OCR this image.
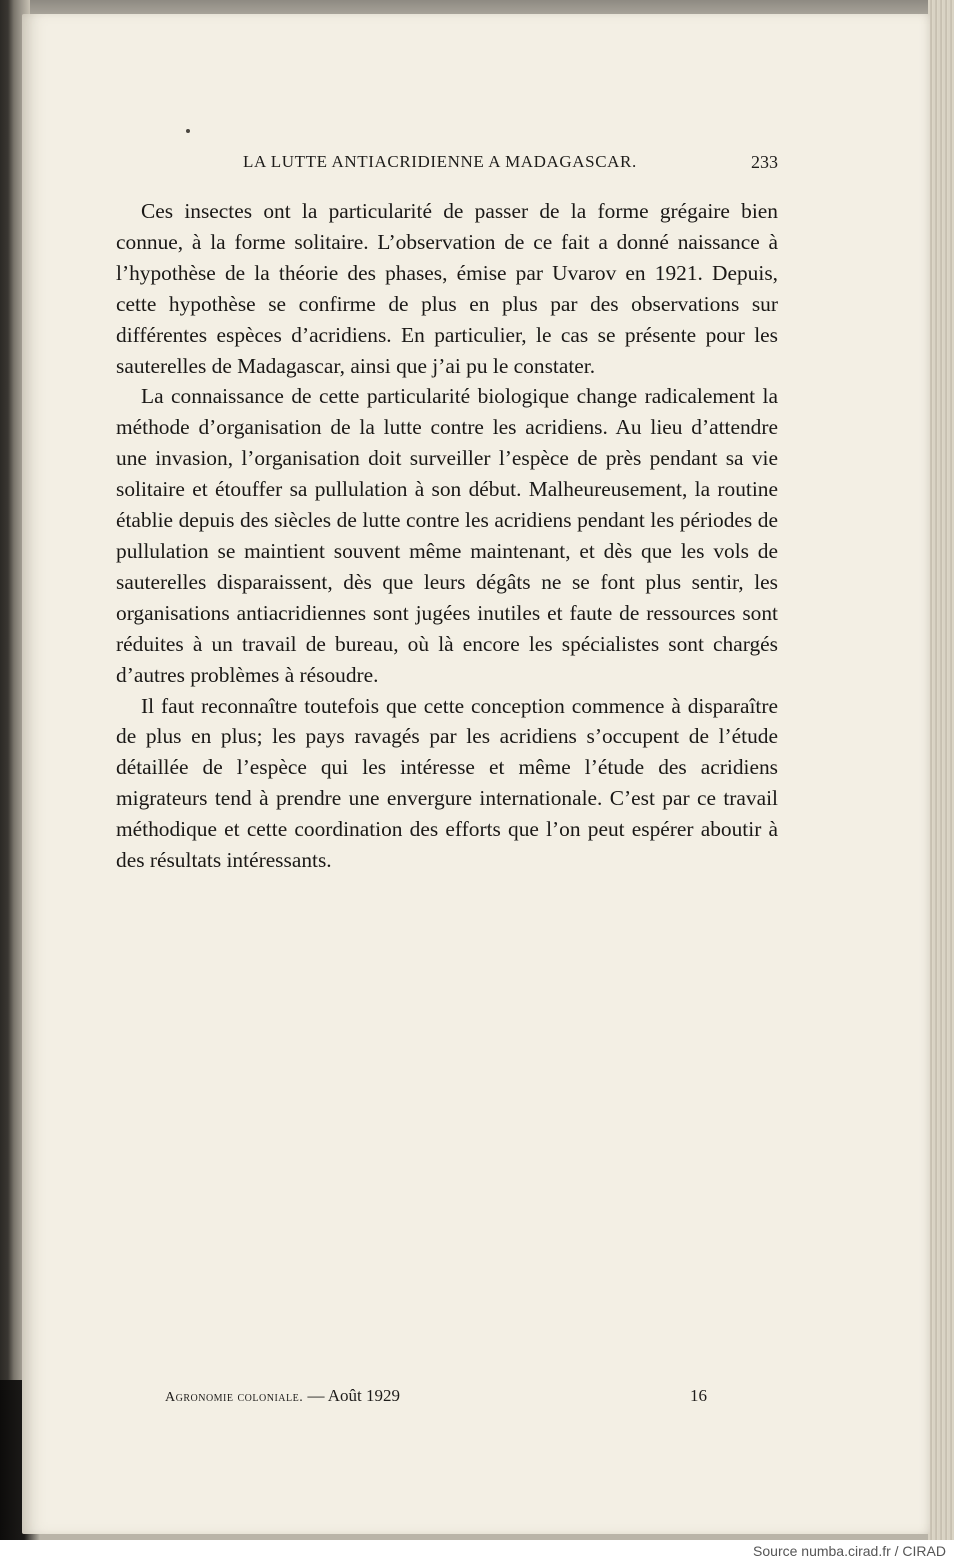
LA LUTTE ANTIACRIDIENNE A MADAGASCAR.	233

Ces insectes ont la particularité de passer de la forme grégaire bien connue, à la forme solitaire. L’observation de ce fait a donné naissance à l’hypothèse de la théorie des phases, émise par Uvarov en 1921. Depuis, cette hypothèse se confirme de plus en plus par des observations sur différentes espèces d’acridiens. En particulier, le cas se présente pour les sauterelles de Madagascar, ainsi que j’ai pu le constater.

La connaissance de cette particularité biologique change radicalement la méthode d’organisation de la lutte contre les acridiens. Au lieu d’attendre une invasion, l’organisation doit surveiller l’espèce de près pendant sa vie solitaire et étouffer sa pullulation à son début. Malheureusement, la routine établie depuis des siècles de lutte contre les acridiens pendant les périodes de pullulation se maintient souvent même maintenant, et dès que les vols de sauterelles disparaissent, dès que leurs dégâts ne se font plus sentir, les organisations antiacridiennes sont jugées inutiles et faute de ressources sont réduites à un travail de bureau, où là encore les spécialistes sont chargés d’autres problèmes à résoudre.

Il faut reconnaître toutefois que cette conception commence à disparaître de plus en plus; les pays ravagés par les acridiens s’occupent de l’étude détaillée de l’espèce qui les intéresse et même l’étude des acridiens migrateurs tend à prendre une envergure internationale. C’est par ce travail méthodique et cette coordination des efforts que l’on peut espérer aboutir à des résultats intéressants.

Agronomie coloniale. — Août 1929	16
Source numba.cirad.fr / CIRAD
